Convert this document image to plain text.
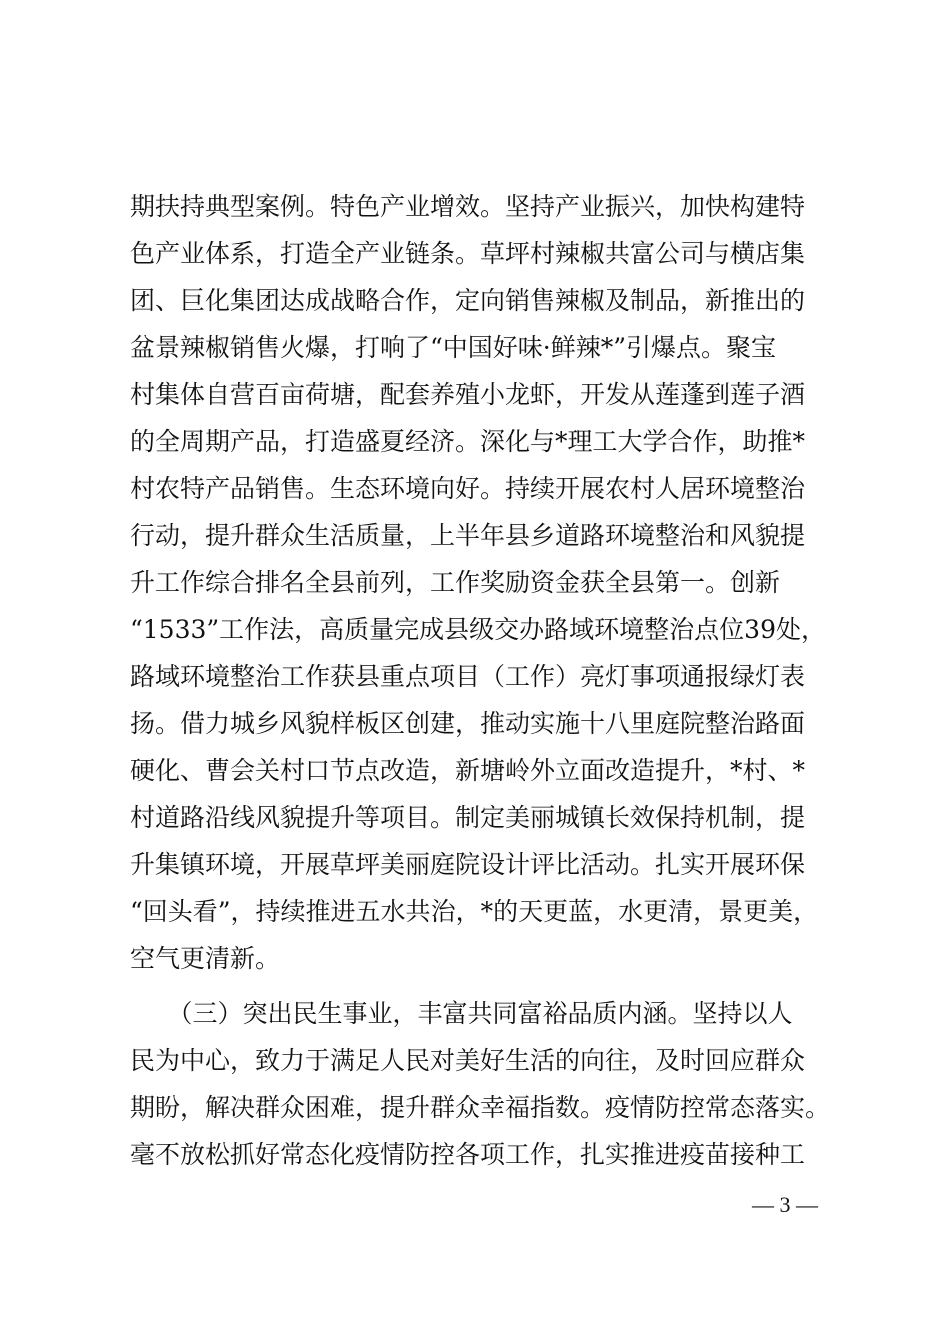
期扶持典型案例。特色产业增效。坚持产业振兴，加快构建特
色产业体系，打造全产业链条。草坪村辣椒共富公司与横店集
团、巨化集团达成战略合作，定向销售辣椒及制品，新推出的
盆景辣椒销售火爆，打响了“中国好味·鲜辣*”引爆点。聚宝
村集体自营百亩荷塘，配套养殖小龙虾，开发从莲蓬到莲子酒
的全周期产品，打造盛夏经济。深化与*理工大学合作，助推*
村农特产品销售。生态环境向好。持续开展农村人居环境整治
行动，提升群众生活质量，上半年县乡道路环境整治和风貌提
升工作综合排名全县前列，工作奖励资金获全县第一。创新
“1533”工作法，高质量完成县级交办路域环境整治点位39处，
路域环境整治工作获县重点项目（工作）亮灯事项通报绿灯表
扬。借力城乡风貌样板区创建，推动实施十八里庭院整治路面
硬化、曹会关村口节点改造，新塘岭外立面改造提升，*村、*
村道路沿线风貌提升等项目。制定美丽城镇长效保持机制，提
升集镇环境，开展草坪美丽庭院设计评比活动。扎实开展环保
“回头看”，持续推进五水共治，*的天更蓝，水更清，景更美，
空气更清新。
　　（三）突出民生事业，丰富共同富裕品质内涵。坚持以人
民为中心，致力于满足人民对美好生活的向往，及时回应群众
期盼，解决群众困难，提升群众幸福指数。疫情防控常态落实。
毫不放松抓好常态化疫情防控各项工作，扎实推进疫苗接种工
— 3 —
